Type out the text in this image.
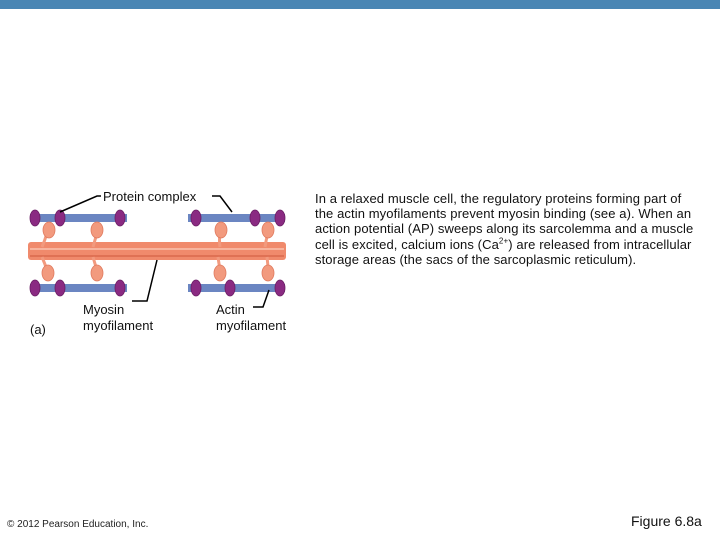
Protein complex
(a)
Myosin
myofilament
Actin
myofilament
In a relaxed muscle cell, the regulatory proteins forming part of the actin myofilaments prevent myosin binding (see a). When an action potential (AP) sweeps along its sarcolemma and a muscle cell is excited, calcium ions $(Ca^{2+})$ are released from intracellular storage areas (the sacs of the sarcoplasmic reticulum).
© 2012 Pearson Education, Inc.	Figure 6.8a
